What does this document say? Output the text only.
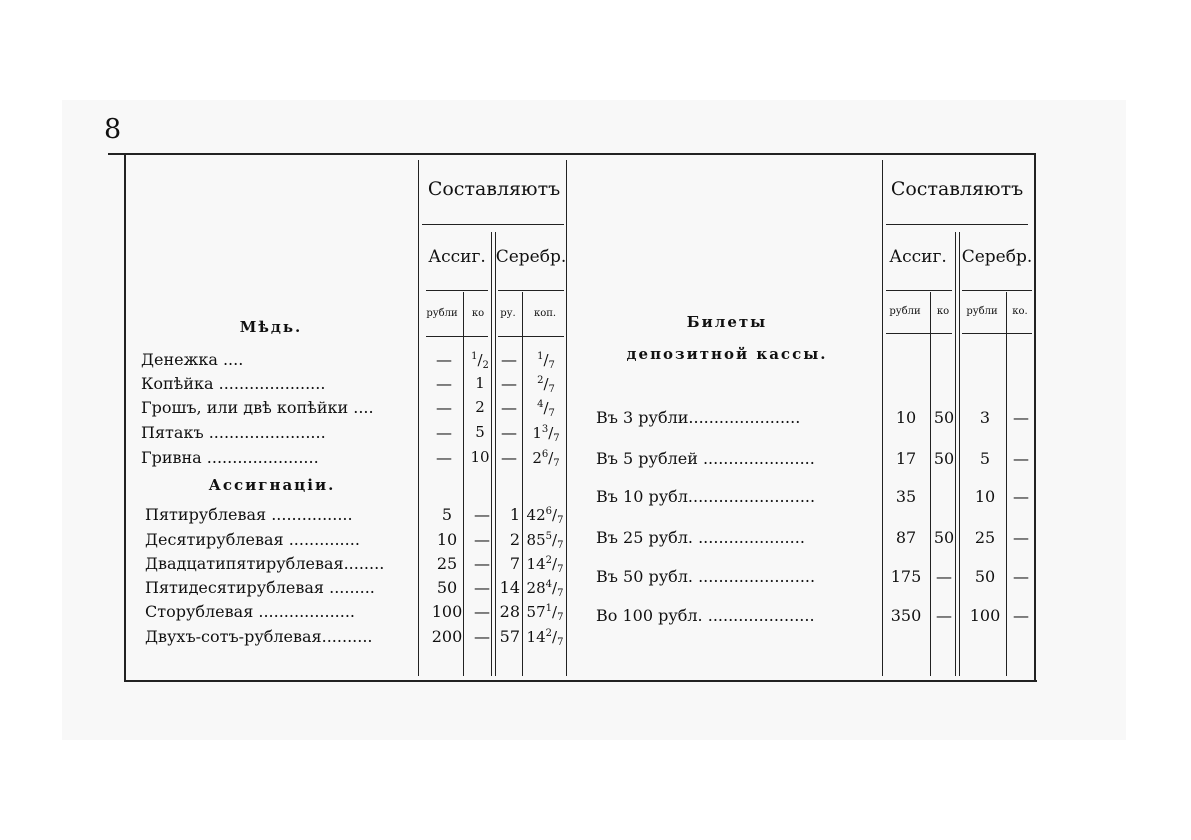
8
Составляютъ
Ассиг. Серебр.
рубли ко ру. коп.
Мѣдь.
Ассигнацiи.
Денежка ....	— $^1/_2$ — $^1/_7$
Копѣйка .....................	— 1 — $^2/_7$
Грошъ, или двѣ копѣйки ....	— 2 — $^4/_7$
Пятакъ .......................	— 5 — $1^3/_7$
Гривна ......................	— 10 — $2^6/_7$
Пятирублевая ................	5 — 1 $42^6/_7$
Десятирублевая ..............	10 — 2 $85^5/_7$
Двадцатипятирублевая........	25 — 7 $14^2/_7$
Пятидесятирублевая .........	50 — 14 $28^4/_7$
Сторублевая ...................	100 — 28 $57^1/_7$
Двухъ-сотъ-рублевая..........	200 — 57 $14^2/_7$
Составляютъ
Ассиг. Серебр.
рубли ко рубли ко.
Билеты
депозитной кассы.
Въ 3 рубли......................	10 50 3 —
Въ 5 рублей ......................	17 50 5 —
Въ 10 рубл.........................	35	10 —
Въ 25 рубл. .....................	87 50 25 —
Въ 50 рубл. .......................	175 — 50 —
Во 100 рубл. .....................	350 — 100 —
